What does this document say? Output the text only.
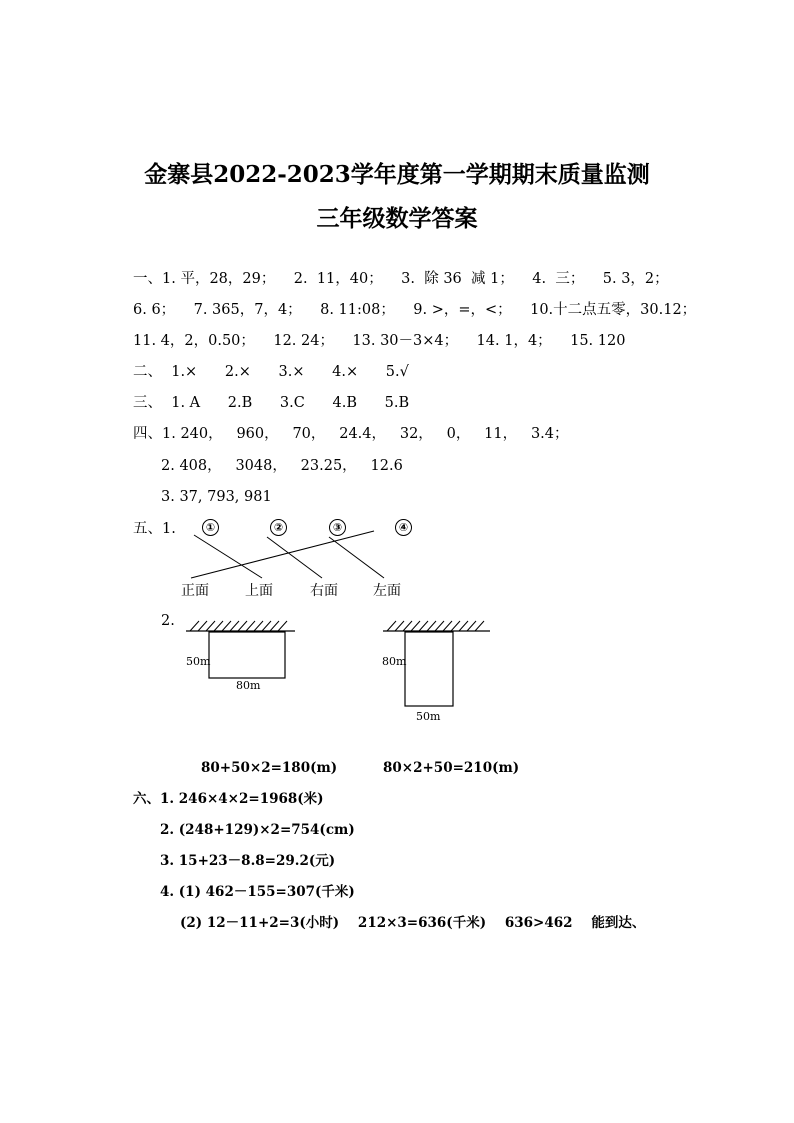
金寨县2022-2023学年度第一学期期末质量监测
三年级数学答案
一、1. 平，28，29；    2.  11，40；    3.  除 36  减 1；    4.  三；    5. 3，2；
6. 6；    7. 365，7，4；    8. 11:08；    9. >，=，<；    10.十二点五零，30.12；
11. 4，2，0.50；    12. 24；    13. 30－3×4；    14. 1，4；    15. 120
二、  1.×      2.×      3.×      4.×      5.√
三、  1. A      2.B      3.C      4.B      5.B
四、1. 240，   960，   70，   24.4，   32，   0，   11，   3.4；
2. 408，   3048，   23.25，   12.6
3. 37, 793, 981
五、1.	①	②	③	④
正面	上面	右面	左面
2.
50m
80m
80m
50m
80+50×2=180(m)	80×2+50=210(m)
六、1. 246×4×2=1968(米)
2. (248+129)×2=754(cm)
3. 15+23－8.8=29.2(元)
4. (1) 462－155=307(千米)
(2) 12－11+2=3(小时)    212×3=636(千米)    636>462    能到达、
